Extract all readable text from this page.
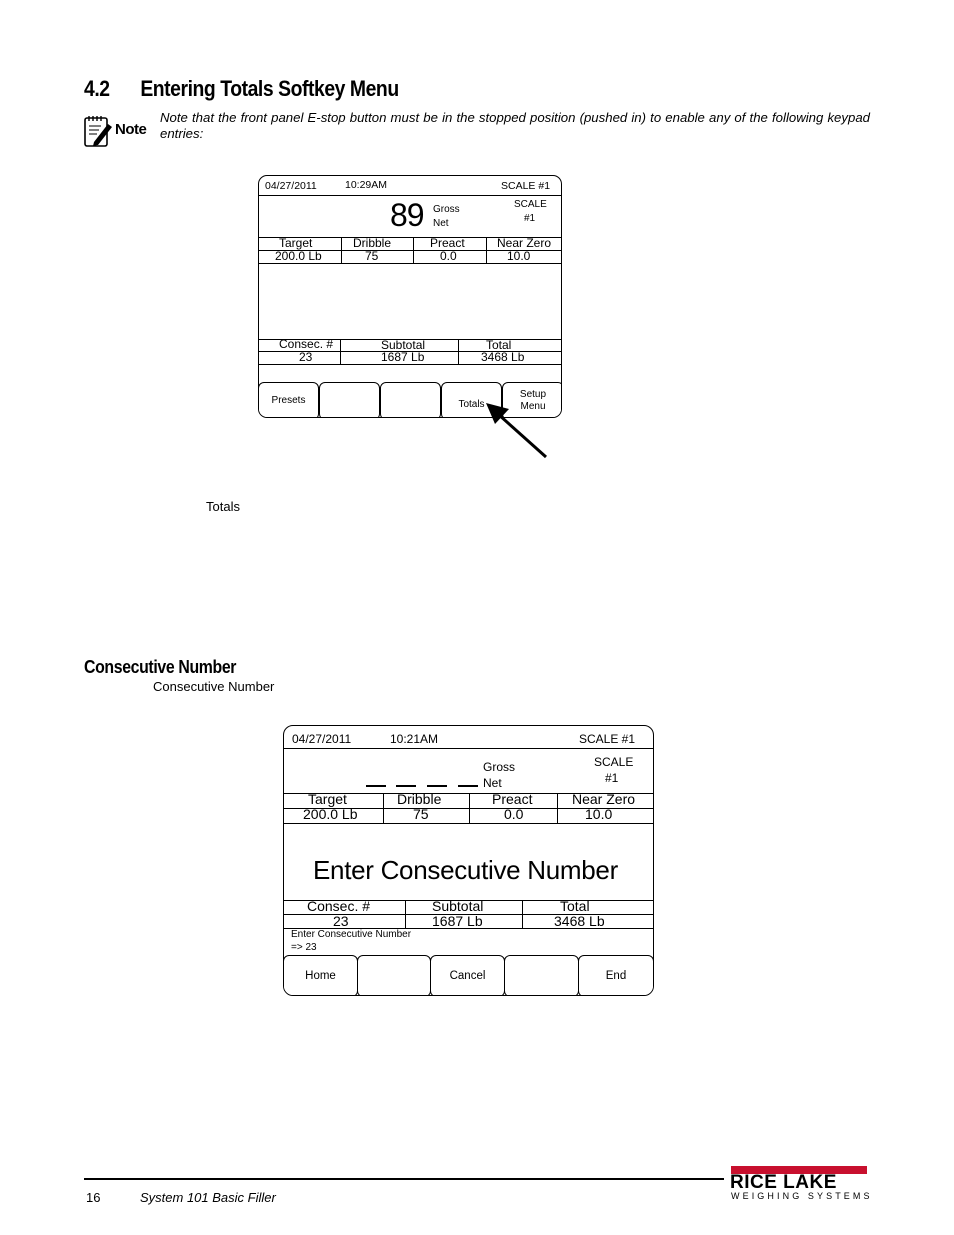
4.2 Entering Totals Softkey Menu
Note
Note that the front panel E-stop button must be in the stopped position (pushed in) to enable any of the following keypad entries:
04/27/2011	10:29AM	SCALE #1
89 Gross
Net
SCALE
#1
Target	Dribble	Preact	Near Zero
200.0 Lb	75	0.0	10.0
Consec. #	Subtotal	Total
23	1687 Lb	3468 Lb
Presets	Totals
Setup
Menu
Totals
Consecutive Number
Consecutive Number
04/27/2011	10:21AM	SCALE #1
Gross
Net
SCALE
#1
Target	Dribble	Preact	Near Zero
200.0 Lb	75	0.0	10.0
Enter Consecutive Number
Consec. #	Subtotal	Total
23	1687 Lb	3468 Lb
Enter Consecutive Number
=> 23
Home	Cancel	End
16	System 101 Basic Filler
RICE LAKE
WEIGHING SYSTEMS
